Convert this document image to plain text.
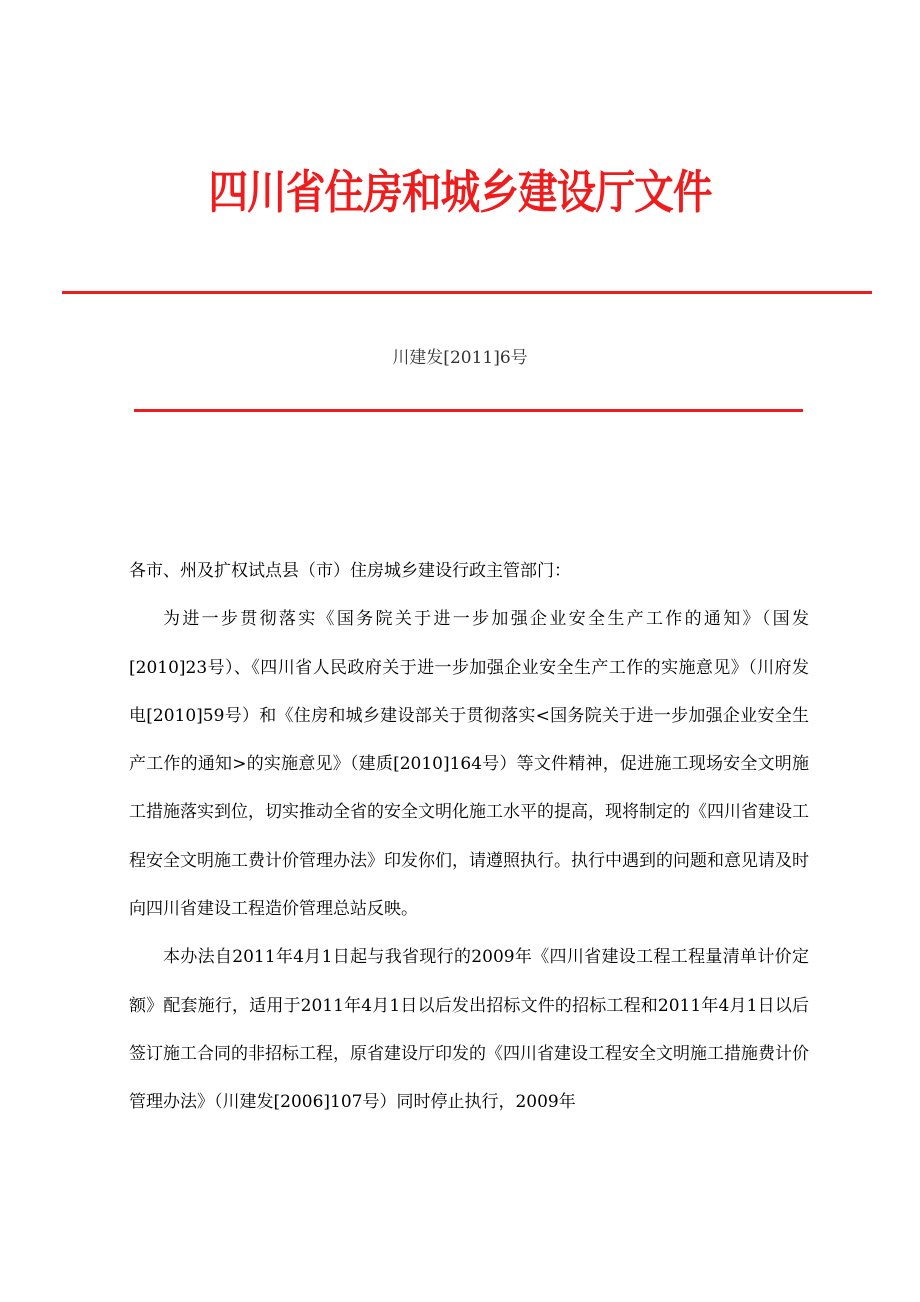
四川省住房和城乡建设厅文件
川建发[2011]6号

各市、州及扩权试点县（市）住房城乡建设行政主管部门：

为进一步贯彻落实《国务院关于进一步加强企业安全生产工作的通知》（国发[2010]23号）、《四川省人民政府关于进一步加强企业安全生产工作的实施意见》（川府发电[2010]59号）和《住房和城乡建设部关于贯彻落实<国务院关于进一步加强企业安全生产工作的通知>的实施意见》（建质[2010]164号）等文件精神，促进施工现场安全文明施工措施落实到位，切实推动全省的安全文明化施工水平的提高，现将制定的《四川省建设工程安全文明施工费计价管理办法》印发你们，请遵照执行。执行中遇到的问题和意见请及时向四川省建设工程造价管理总站反映。

本办法自2011年4月1日起与我省现行的2009年《四川省建设工程工程量清单计价定额》配套施行，适用于2011年4月1日以后发出招标文件的招标工程和2011年4月1日以后签订施工合同的非招标工程，原省建设厅印发的《四川省建设工程安全文明施工措施费计价管理办法》（川建发[2006]107号）同时停止执行，2009年
